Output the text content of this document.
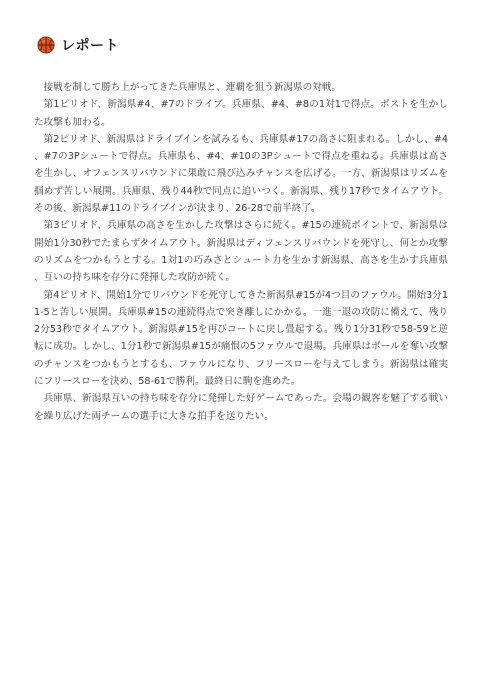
レポート

接戦を制して勝ち上がってきた兵庫県と、連覇を狙う新潟県の対戦。

第1ピリオド、新潟県#4、#7のドライブ。兵庫県、#4、#8の1対1で得点。ポストを生かした攻撃も加わる。

第2ピリオド、新潟県はドライブインを試みるも、兵庫県#17の高さに阻まれる。しかし、#4、#7の3Pシュートで得点。兵庫県も、#4、#10の3Pシュートで得点を重ねる。兵庫県は高さを生かし、オフェンスリバウンドに果敢に飛び込みチャンスを広げる。一方、新潟県はリズムを掴めず苦しい展開。兵庫県、残り44秒で同点に追いつく。新潟県、残り17秒でタイムアウト。その後、新潟県#11のドライブインが決まり、26-28で前半終了。

第3ピリオド、兵庫県の高さを生かした攻撃はさらに続く。#15の連続ポイントで、新潟県は開始1分30秒でたまらずタイムアウト。新潟県はディフェンスリバウンドを死守し、何とか攻撃のリズムをつかもうとする。1対1の巧みさとシュート力を生かす新潟県、高さを生かす兵庫県、互いの持ち味を存分に発揮した攻防が続く。

第4ピリオド、開始1分でリバウンドを死守してきた新潟県#15が4つ目のファウル。開始3分11-5と苦しい展開。兵庫県#15の連続得点で突き離しにかかる。一進一退の攻防に備えて、残り2分53秒でタイムアウト。新潟県#15を再びコートに戻し畳起する。残り1分31秒で58-59と逆転に成功。しかし、1分1秒で新潟県#15が痛恨の5ファウルで退場。兵庫県はボールを奪い攻撃のチャンスをつかもうとするも、ファウルになり、フリースローを与えてしまう。新潟県は確実にフリースローを決め、58-61で勝利。最終日に駒を進めた。

兵庫県、新潟県互いの持ち味を存分に発揮した好ゲームであった。会場の観客を魅了する戦いを繰り広げた両チームの選手に大きな拍手を送りたい。
